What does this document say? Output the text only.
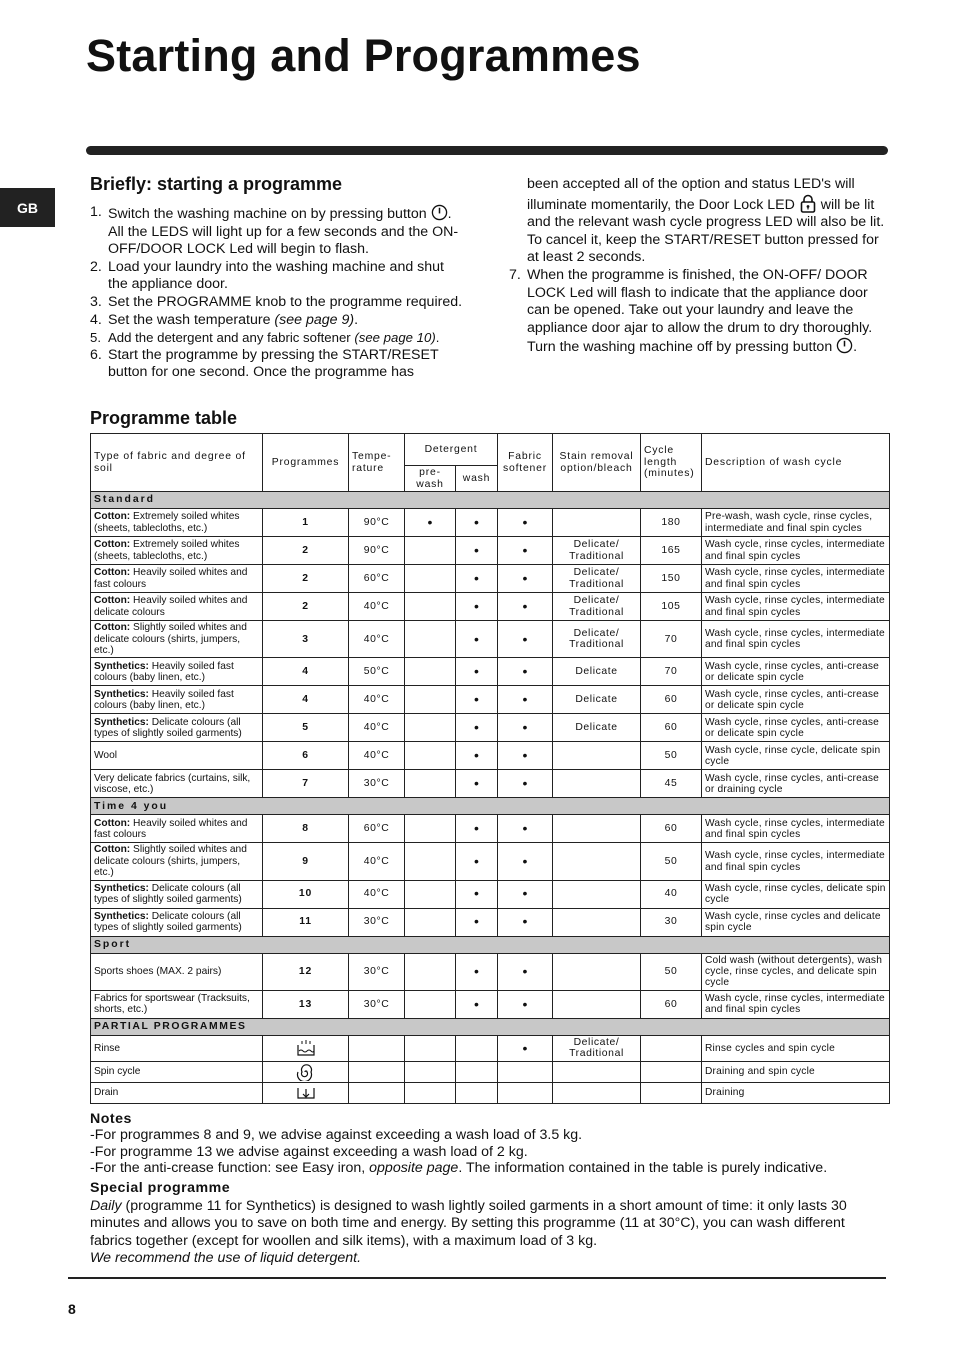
Starting and Programmes
GB
Briefly: starting a programme
1. Switch the washing machine on by pressing button . All the LEDS will light up for a few seconds and the ON-OFF/DOOR LOCK Led will begin to flash.
2. Load your laundry into the washing machine and shut the appliance door.
3. Set the PROGRAMME knob to the programme required.
4. Set the wash temperature (see page 9).
5. Add the detergent and any fabric softener (see page 10).
6. Start the programme by pressing the START/RESET button for one second. Once the programme has

been accepted all of the option and status LED's will illuminate momentarily, the Door Lock LED will be lit and the relevant wash cycle progress LED will also be lit.

To cancel it, keep the START/RESET button pressed for at least 2 seconds.

7. When the programme is finished, the ON-OFF/ DOOR LOCK Led will flash to indicate that the appliance door can be opened. Take out your laundry and leave the appliance door ajar to allow the drum to dry thoroughly. Turn the washing machine off by pressing button .
Programme table
Type of fabric and degree of soil	Programmes	Tempe- rature	Detergent		Fabric softener	Stain removal option/bleach	Cycle length (minutes)	Description of wash cycle
			pre- wash	wash				
Standard								
Cotton: Extremely soiled whites (sheets, tablecloths, etc.)	1	90°C	•	•	•		180	Pre-wash, wash cycle, rinse cycles, intermediate and final spin cycles
Cotton: Extremely soiled whites (sheets, tablecloths, etc.)	2	90°C		•	•	Delicate/ Traditional	165	Wash cycle, rinse cycles, intermediate and final spin cycles
Cotton: Heavily soiled whites and fast colours	2	60°C		•	•	Delicate/ Traditional	150	Wash cycle, rinse cycles, intermediate and final spin cycles
Cotton: Heavily soiled whites and delicate colours	2	40°C		•	•	Delicate/ Traditional	105	Wash cycle, rinse cycles, intermediate and final spin cycles
Cotton: Slightly soiled whites and delicate colours (shirts, jumpers, etc.)	3	40°C		•	•	Delicate/ Traditional	70	Wash cycle, rinse cycles, intermediate and final spin cycles
Synthetics: Heavily soiled fast colours (baby linen, etc.)	4	50°C		•	•	Delicate	70	Wash cycle, rinse cycles, anti-crease or delicate spin cycle
Synthetics: Heavily soiled fast colours (baby linen, etc.)	4	40°C		•	•	Delicate	60	Wash cycle, rinse cycles, anti-crease or delicate spin cycle
Synthetics: Delicate colours (all types of slightly soiled garments)	5	40°C		•	•	Delicate	60	Wash cycle, rinse cycles, anti-crease or delicate spin cycle
Wool	6	40°C		•	•		50	Wash cycle, rinse cycle, delicate spin cycle
Very delicate fabrics (curtains, silk, viscose, etc.)	7	30°C		•	•		45	Wash cycle, rinse cycles, anti-crease or draining cycle
Time 4 you								
Cotton: Heavily soiled whites and fast colours	8	60°C		•	•		60	Wash cycle, rinse cycles, intermediate and final spin cycles
Cotton: Slightly soiled whites and delicate colours (shirts, jumpers, etc.)	9	40°C		•	•		50	Wash cycle, rinse cycles, intermediate and final spin cycles
Synthetics: Delicate colours (all types of slightly soiled garments)	10	40°C		•	•		40	Wash cycle, rinse cycles, delicate spin cycle
Synthetics: Delicate colours (all types of slightly soiled garments)	11	30°C		•	•		30	Wash cycle, rinse cycles and delicate spin cycle
Sport								
Sports shoes (MAX. 2 pairs)	12	30°C		•	•		50	Cold wash (without detergents), wash cycle, rinse cycles, and delicate spin cycle
Fabrics for sportswear (Tracksuits, shorts, etc.)	13	30°C		•	•		60	Wash cycle, rinse cycles, intermediate and final spin cycles
PARTIAL PROGRAMMES								
Rinse					•	Delicate/ Traditional		Rinse cycles and spin cycle
Spin cycle								Draining and spin cycle
Drain								Draining
Notes
-For programmes 8 and 9, we advise against exceeding a wash load of 3.5 kg.
-For programme 13 we advise against exceeding a wash load of 2 kg.
-For the anti-crease function: see Easy iron, opposite page. The information contained in the table is purely indicative.
Special programme

Daily (programme 11 for Synthetics) is designed to wash lightly soiled garments in a short amount of time: it only lasts 30 minutes and allows you to save on both time and energy. By setting this programme (11 at 30°C), you can wash different fabrics together (except for woollen and silk items), with a maximum load of 3 kg.

We recommend the use of liquid detergent.

8
